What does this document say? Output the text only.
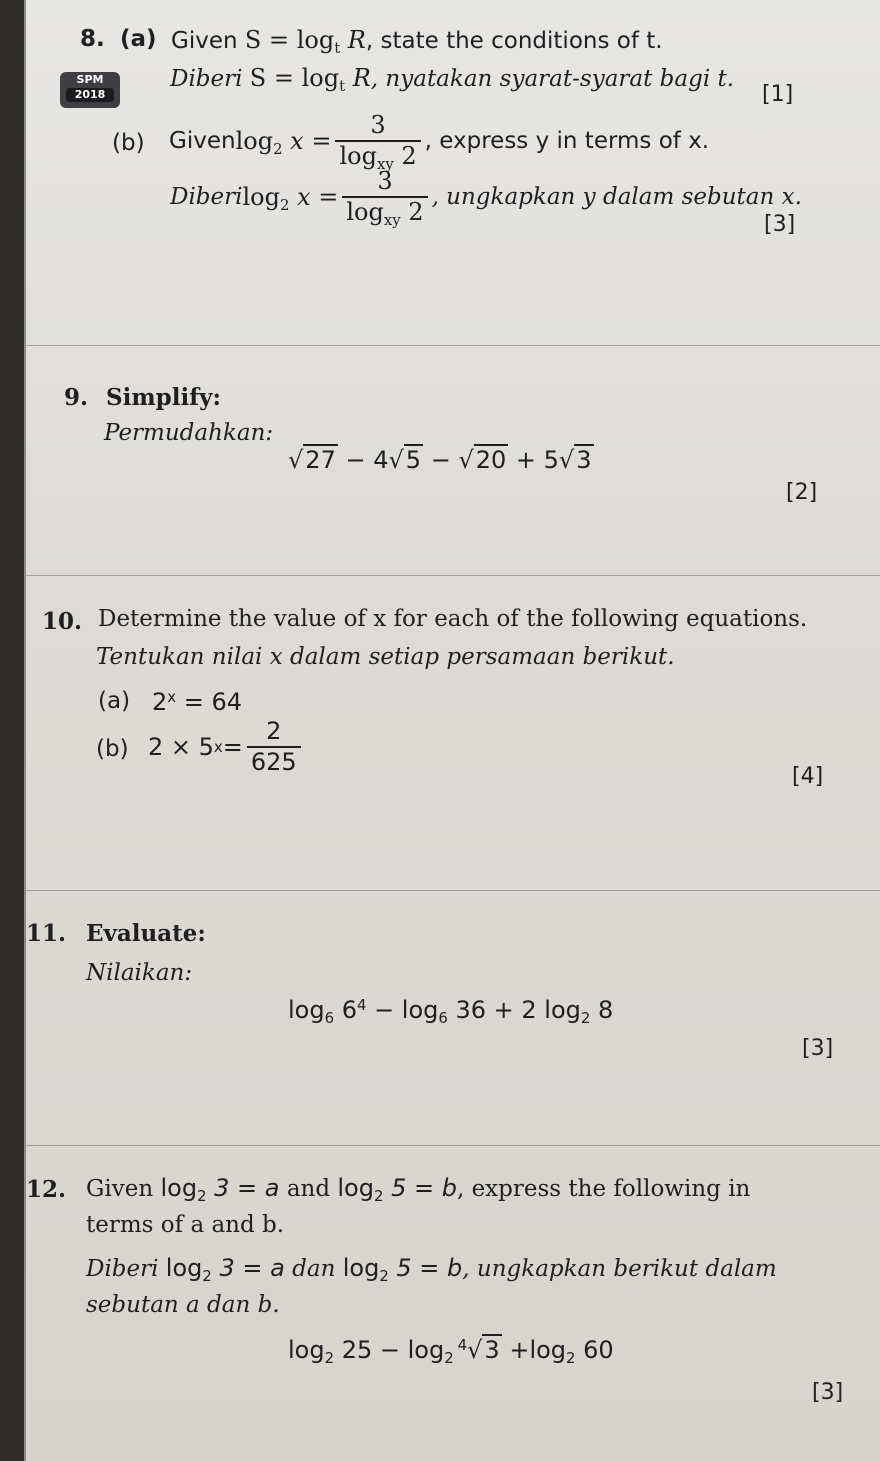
8. (a) Given $S = \log_t R$, state the conditions of t.
SPM
2018
Diberi $S = \log_t R$, nyatakan syarat-syarat bagi t.
[1]
(b) Given $\log_2 x = \frac{3}{\log_{xy} 2}$ , express y in terms of x.
Diberi $\log_2 x = \frac{3}{\log_{xy} 2}$ , ungkapkan y dalam sebutan x.
[3]
9. Simplify:
Permudahkan:
√27 − 4√5 − √20 + 5√3
[2]
10. Determine the value of x for each of the following equations.
Tentukan nilai x dalam setiap persamaan berikut.
(a) $2^x = 64$
(b) 2 × 5 $x = \frac{2}{625}$
[4]
11. Evaluate:
Nilaikan:
$\log_6 6^4 - \log_6 36 + 2$ $\log_2 8$
[3]
12. Given $\log_2 3 = a$ and $\log_2 5 = b$, express the following in
terms of a and b.
Diberi $\log_2 3 = a$ dan $\log_2 5 = b$, ungkapkan berikut dalam
sebutan a dan b.
$\log_2 25 - \log_2^4√3 +\log_2$ 60
[3]
